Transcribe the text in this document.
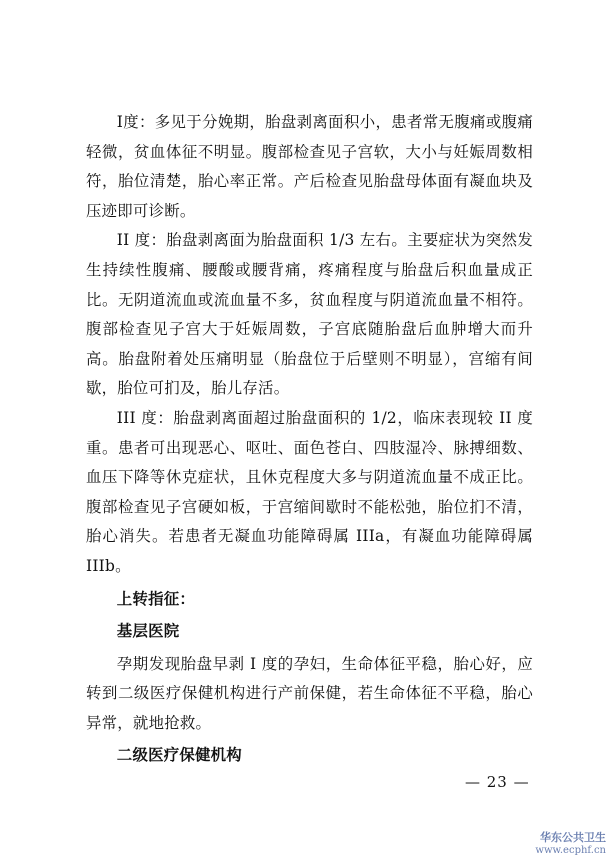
Ⅰ度：多见于分娩期，胎盘剥离面积小，患者常无腹痛或腹痛轻微，贫血体征不明显。腹部检查见子宫软，大小与妊娠周数相符，胎位清楚，胎心率正常。产后检查见胎盘母体面有凝血块及压迹即可诊断。

II 度：胎盘剥离面为胎盘面积 1/3 左右。主要症状为突然发生持续性腹痛、腰酸或腰背痛，疼痛程度与胎盘后积血量成正比。无阴道流血或流血量不多，贫血程度与阴道流血量不相符。腹部检查见子宫大于妊娠周数，子宫底随胎盘后血肿增大而升高。胎盘附着处压痛明显（胎盘位于后壁则不明显），宫缩有间歇，胎位可扪及，胎儿存活。

III 度：胎盘剥离面超过胎盘面积的 1/2，临床表现较 II 度重。患者可出现恶心、呕吐、面色苍白、四肢湿冷、脉搏细数、血压下降等休克症状，且休克程度大多与阴道流血量不成正比。腹部检查见子宫硬如板，于宫缩间歇时不能松弛，胎位扪不清，胎心消失。若患者无凝血功能障碍属 IIIa，有凝血功能障碍属 IIIb。

上转指征：

基层医院

孕期发现胎盘早剥 I 度的孕妇，生命体征平稳，胎心好，应转到二级医疗保健机构进行产前保健，若生命体征不平稳，胎心异常，就地抢救。

二级医疗保健机构

— 23 —
华东公共卫生
www.ecphf.cn
